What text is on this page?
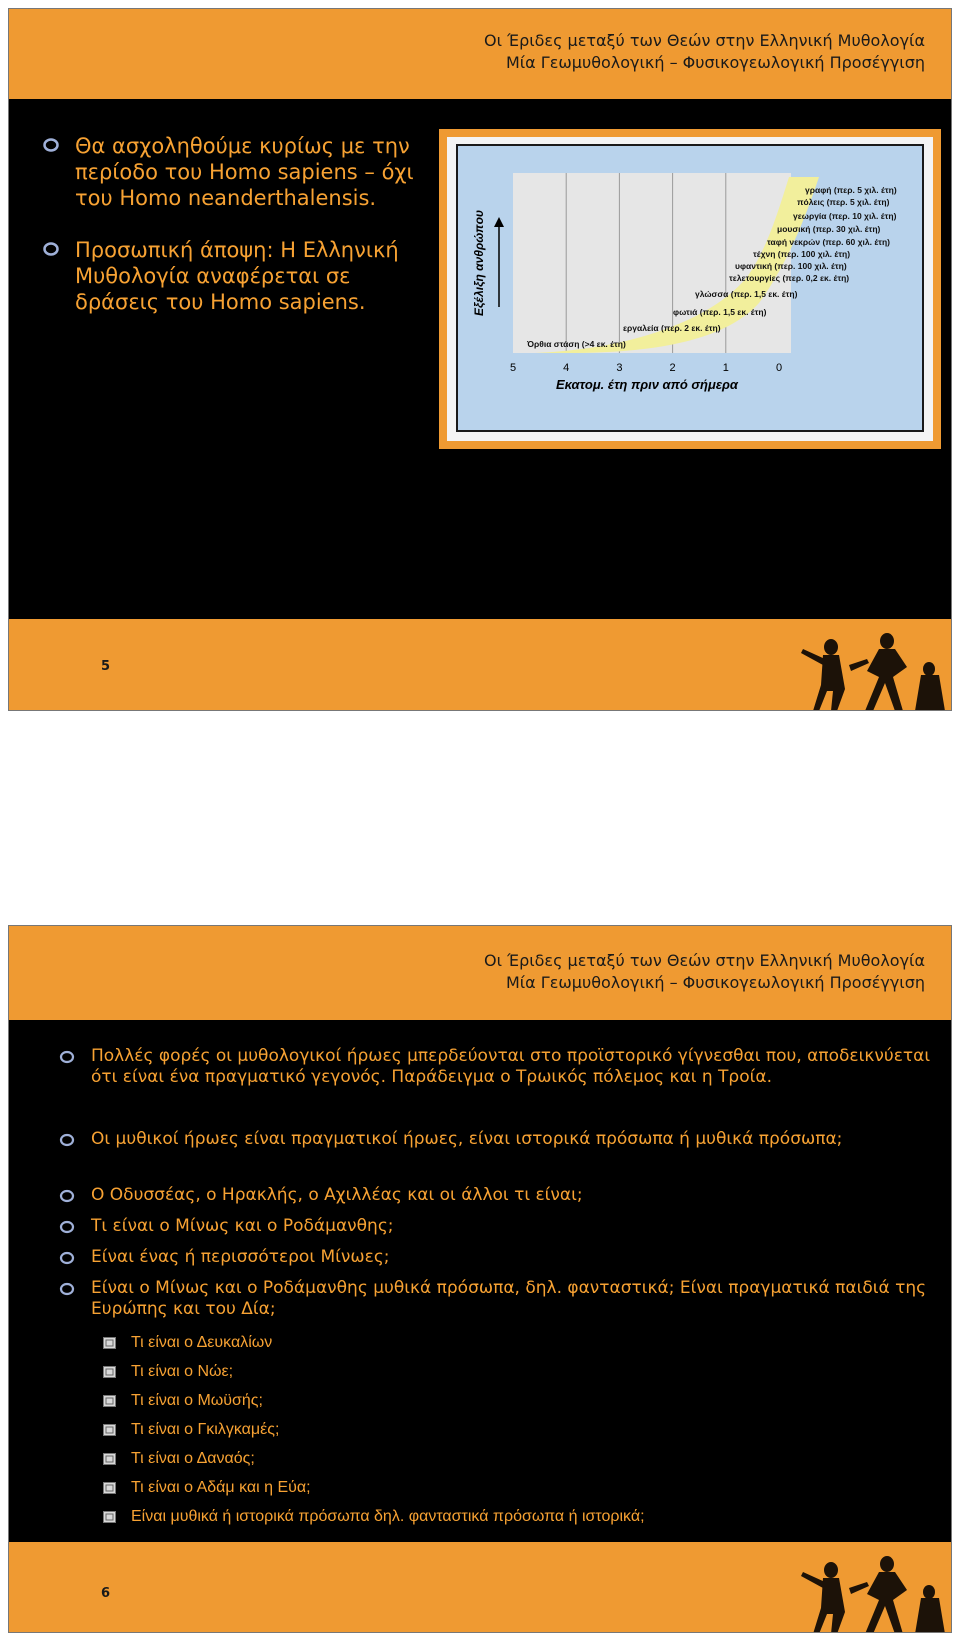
Οι Έριδες μεταξύ των Θεών στην Ελληνική Μυθολογία
Μία Γεωμυθολογική – Φυσικογεωλογική Προσέγγιση
Θα ασχοληθούμε κυρίως με την περίοδο του Homo sapiens – όχι του Homo neanderthalensis.
Προσωπική άποψη: Η Ελληνική Μυθολογία αναφέρεται σε δράσεις του Homo sapiens.	Εξέλιξη ανθρώπου
Όρθια στάση (>4 εκ. έτη)
εργαλεία (περ. 2 εκ. έτη)
φωτιά (περ. 1,5 εκ. έτη)
γλώσσα (περ. 1,5 εκ. έτη)
τελετουργίες (περ. 0,2 εκ. έτη)
υφαντική (περ. 100 χιλ. έτη)
τέχνη (περ. 100 χιλ. έτη)
ταφή νεκρών (περ. 60 χιλ. έτη)
μουσική (περ. 30 χιλ. έτη)
γεωργία (περ. 10 χιλ. έτη)
πόλεις (περ. 5 χιλ. έτη)
γραφή (περ. 5 χιλ. έτη)
5	4	3	2	1	0
Εκατομ. έτη πριν από σήμερα
5
Οι Έριδες μεταξύ των Θεών στην Ελληνική Μυθολογία
Μία Γεωμυθολογική – Φυσικογεωλογική Προσέγγιση
Πολλές φορές οι μυθολογικοί ήρωες μπερδεύονται στο προϊστορικό γίγνεσθαι που, αποδεικνύεται ότι είναι ένα πραγματικό γεγονός. Παράδειγμα ο Τρωικός πόλεμος και η Τροία.
Οι μυθικοί ήρωες είναι πραγματικοί ήρωες, είναι ιστορικά πρόσωπα ή μυθικά πρόσωπα;
Ο Οδυσσέας, ο Ηρακλής, ο Αχιλλέας και οι άλλοι τι είναι;
Τι είναι ο Μίνως και ο Ροδάμανθης;
Είναι ένας ή περισσότεροι Μίνωες;
Είναι ο Μίνως και ο Ροδάμανθης μυθικά πρόσωπα, δηλ. φανταστικά; Είναι πραγματικά παιδιά της Ευρώπης και του Δία;
Τι είναι ο Δευκαλίων
Τι είναι ο Νώε;
Τι είναι ο Μωϋσής;
Τι είναι ο Γκιλγκαμές;
Τι είναι ο Δαναός;
Τι είναι ο Αδάμ και η Εύα;
Είναι μυθικά ή ιστορικά πρόσωπα δηλ. φανταστικά πρόσωπα ή ιστορικά;
6
